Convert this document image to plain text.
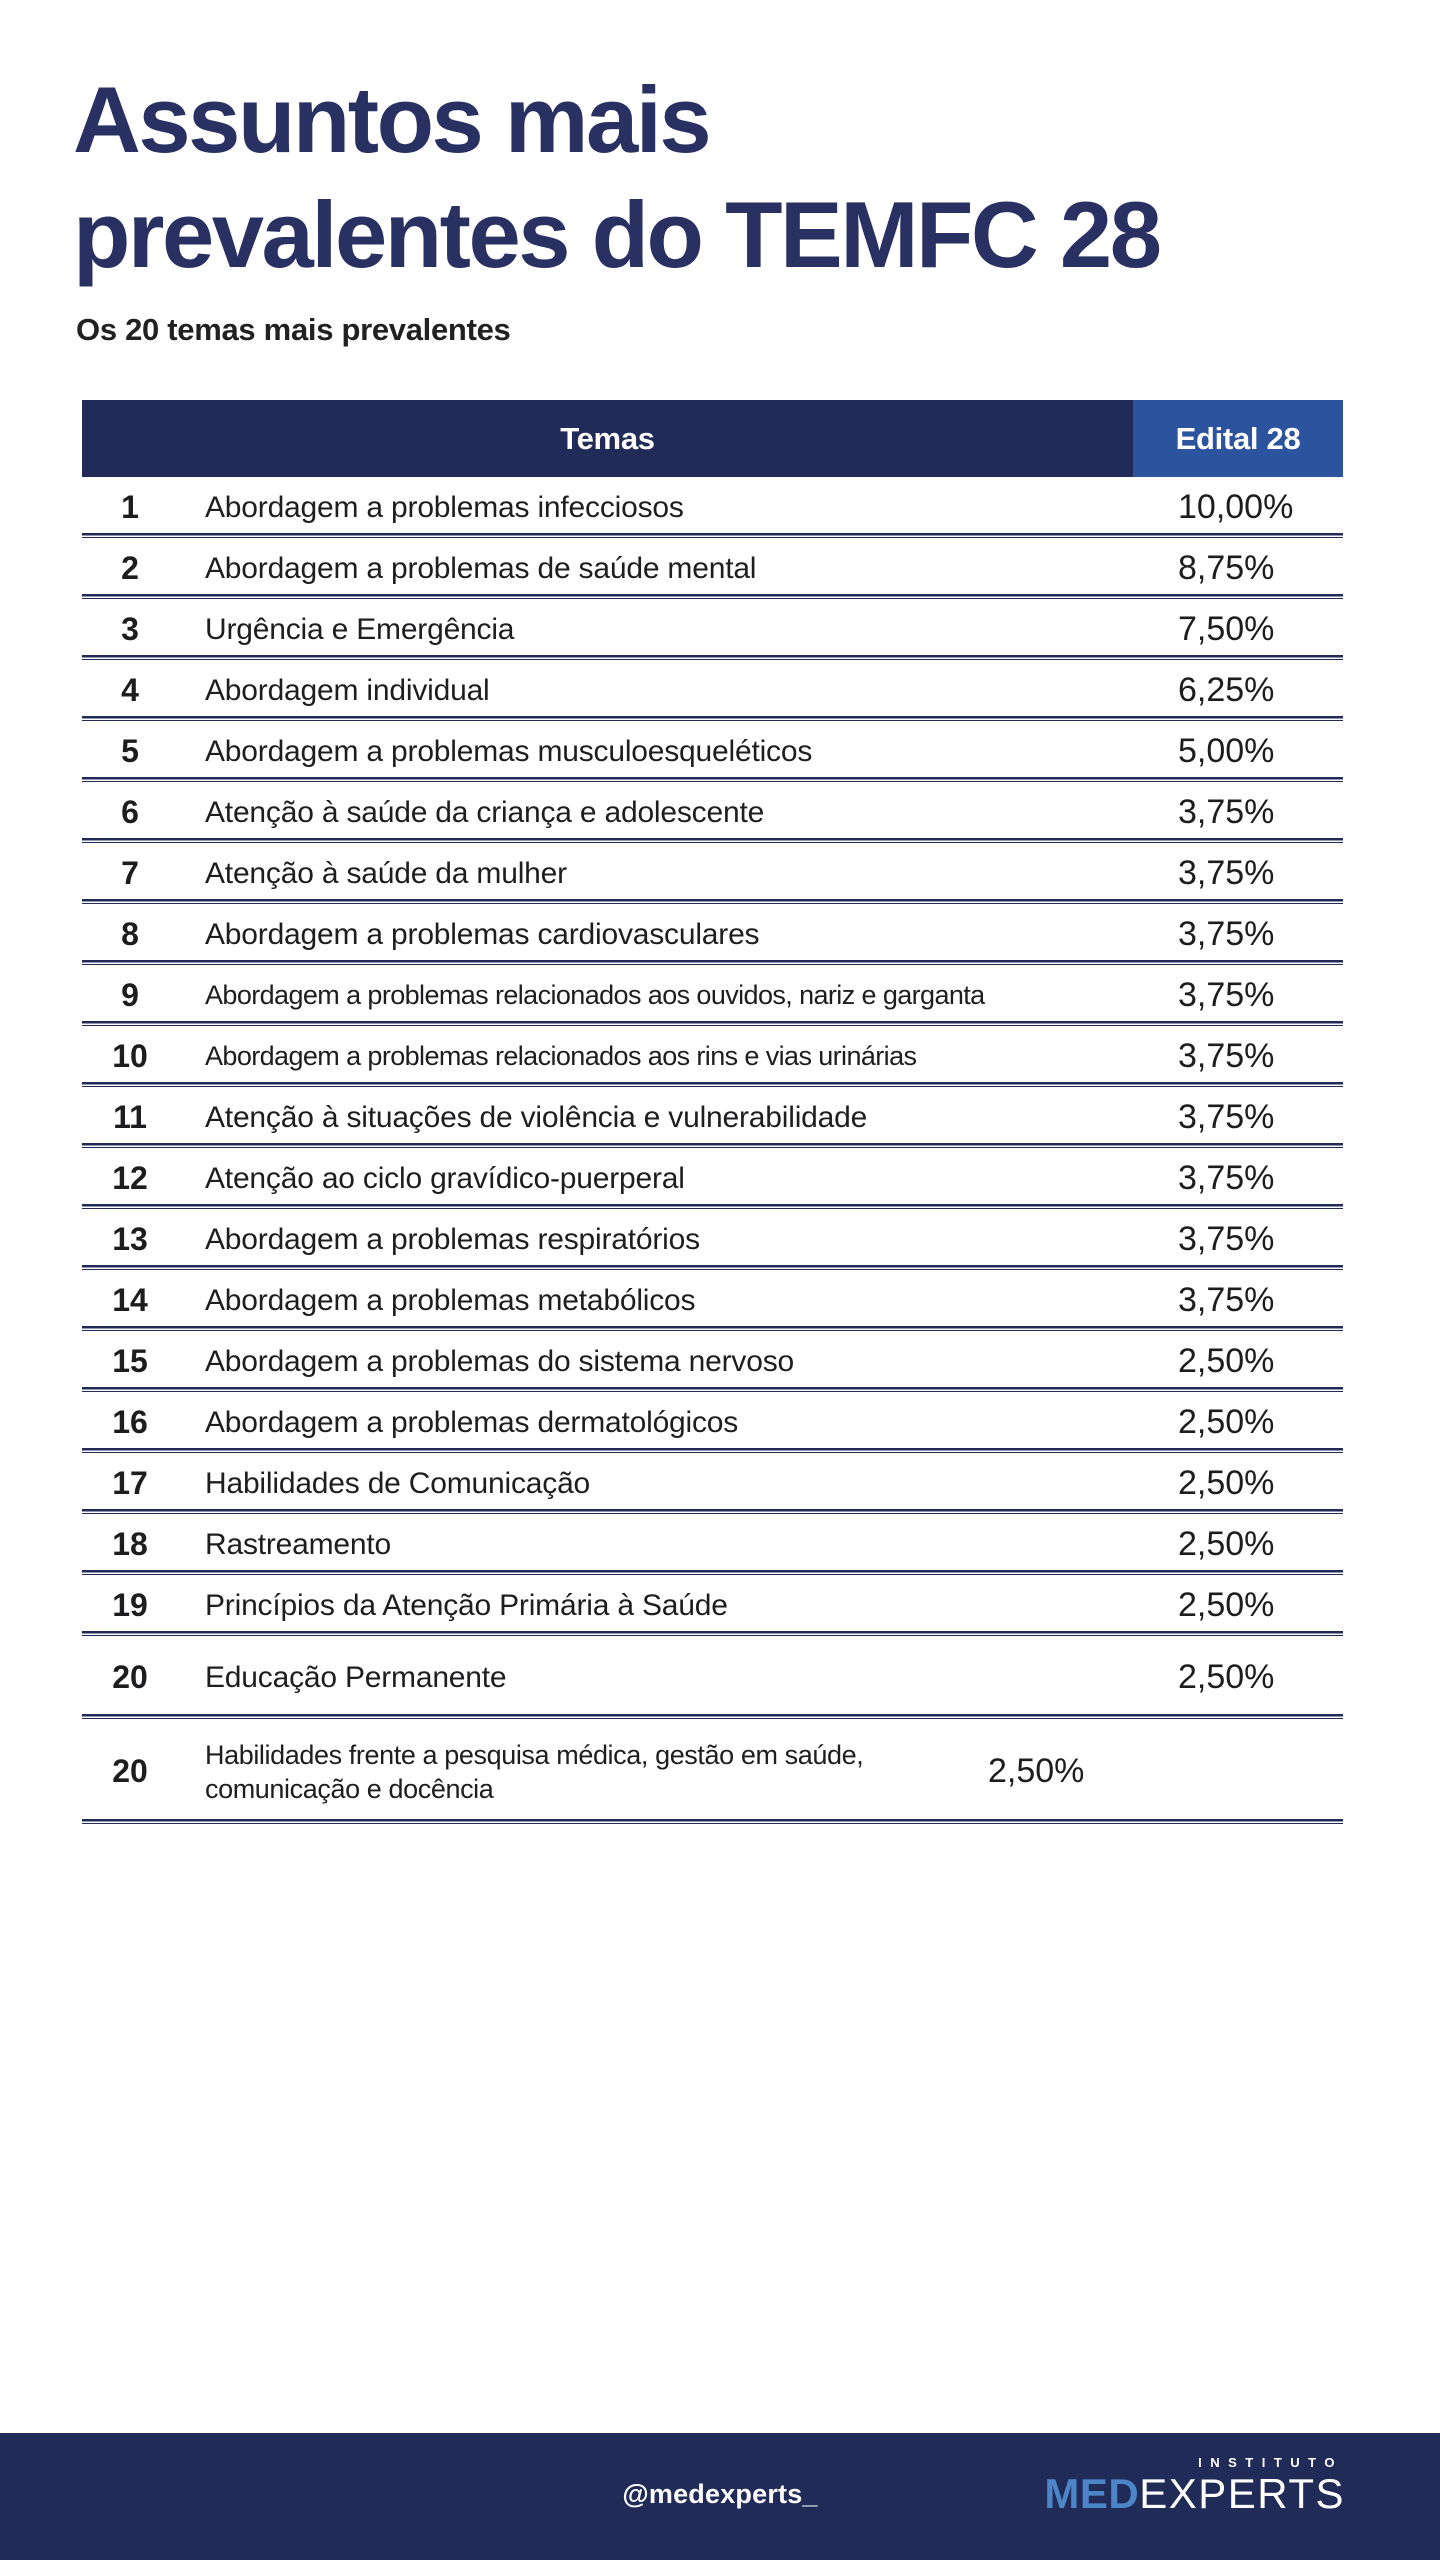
Assuntos mais
prevalentes do TEMFC 28
Os 20 temas mais prevalentes
Temas	Edital 28
1	Abordagem a problemas infecciosos	10,00%
2	Abordagem a problemas de saúde mental	8,75%
3	Urgência e Emergência	7,50%
4	Abordagem individual	6,25%
5	Abordagem a problemas musculoesqueléticos	5,00%
6	Atenção à saúde da criança e adolescente	3,75%
7	Atenção à saúde da mulher	3,75%
8	Abordagem a problemas cardiovasculares	3,75%
9	Abordagem a problemas relacionados aos ouvidos, nariz e garganta	3,75%
10	Abordagem a problemas relacionados aos rins e vias urinárias	3,75%
11	Atenção à situações de violência e vulnerabilidade	3,75%
12	Atenção ao ciclo gravídico-puerperal	3,75%
13	Abordagem a problemas respiratórios	3,75%
14	Abordagem a problemas metabólicos	3,75%
15	Abordagem a problemas do sistema nervoso	2,50%
16	Abordagem a problemas dermatológicos	2,50%
17	Habilidades de Comunicação	2,50%
18	Rastreamento	2,50%
19	Princípios da Atenção Primária à Saúde	2,50%
20	Educação Permanente	2,50%
20	Habilidades frente a pesquisa médica, gestão em saúde, comunicação e docência	2,50%
@medexperts_
INSTITUTO
MEDEXPERTS
